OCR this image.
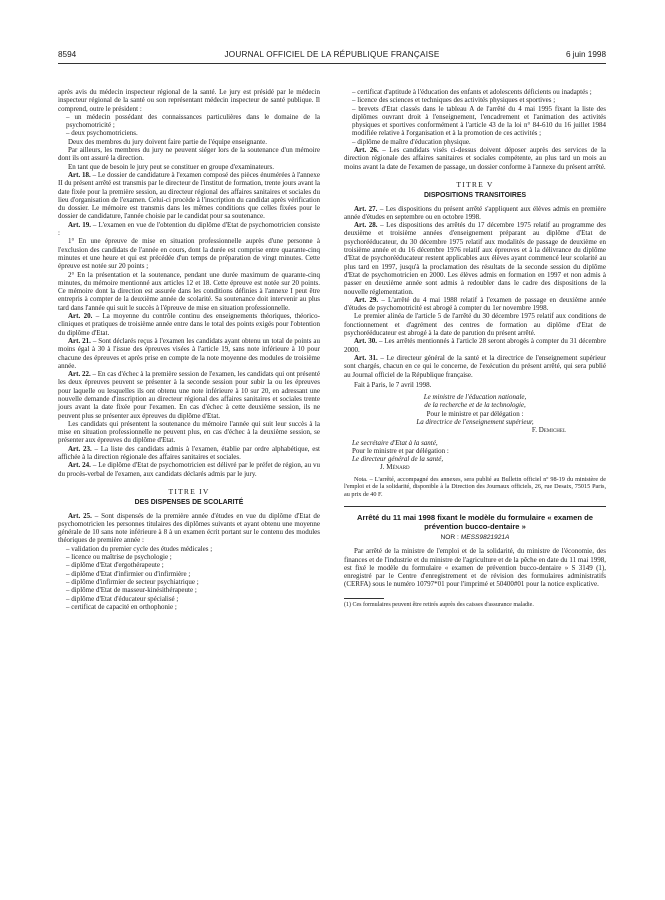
8594	JOURNAL OFFICIEL DE LA RÉPUBLIQUE FRANÇAISE	6 juin 1998

après avis du médecin inspecteur régional de la santé. Le jury est présidé par le médecin inspecteur régional de la santé ou son représentant médecin inspecteur de santé publique. Il comprend, outre le président :

– un médecin possédant des connaissances particulières dans le domaine de la psychomotricité ;

– deux psychomotriciens.

Deux des membres du jury doivent faire partie de l'équipe enseignante.

Par ailleurs, les membres du jury ne peuvent siéger lors de la soutenance d'un mémoire dont ils ont assuré la direction.

En tant que de besoin le jury peut se constituer en groupe d'examinateurs.

Art. 18. – Le dossier de candidature à l'examen composé des pièces énumérées à l'annexe II du présent arrêté est transmis par le directeur de l'institut de formation, trente jours avant la date fixée pour la première session, au directeur régional des affaires sanitaires et sociales du lieu d'organisation de l'examen. Celui-ci procède à l'inscription du candidat après vérification du dossier. Le mémoire est transmis dans les mêmes conditions que celles fixées pour le dossier de candidature, l'année choisie par le candidat pour sa soutenance.

Art. 19. – L'examen en vue de l'obtention du diplôme d'Etat de psychomotricien consiste :

1° En une épreuve de mise en situation professionnelle auprès d'une personne à l'exclusion des candidats de l'année en cours, dont la durée est comprise entre quarante-cinq minutes et une heure et qui est précédée d'un temps de préparation de vingt minutes. Cette épreuve est notée sur 20 points ;

2° En la présentation et la soutenance, pendant une durée maximum de quarante-cinq minutes, du mémoire mentionné aux articles 12 et 18. Cette épreuve est notée sur 20 points. Ce mémoire dont la direction est assurée dans les conditions définies à l'annexe I peut être entrepris à compter de la deuxième année de scolarité. Sa soutenance doit intervenir au plus tard dans l'année qui suit le succès à l'épreuve de mise en situation professionnelle.

Art. 20. – La moyenne du contrôle continu des enseignements théoriques, théorico-cliniques et pratiques de troisième année entre dans le total des points exigés pour l'obtention du diplôme d'Etat.

Art. 21. – Sont déclarés reçus à l'examen les candidats ayant obtenu un total de points au moins égal à 30 à l'issue des épreuves visées à l'article 19, sans note inférieure à 10 pour chacune des épreuves et après prise en compte de la note moyenne des modules de troisième année.

Art. 22. – En cas d'échec à la première session de l'examen, les candidats qui ont présenté les deux épreuves peuvent se présenter à la seconde session pour subir la ou les épreuves pour laquelle ou lesquelles ils ont obtenu une note inférieure à 10 sur 20, en adressant une nouvelle demande d'inscription au directeur régional des affaires sanitaires et sociales trente jours avant la date fixée pour l'examen. En cas d'échec à cette deuxième session, ils ne peuvent plus se présenter aux épreuves du diplôme d'Etat.

Les candidats qui présentent la soutenance du mémoire l'année qui suit leur succès à la mise en situation professionnelle ne peuvent plus, en cas d'échec à la deuxième session, se présenter aux épreuves du diplôme d'Etat.

Art. 23. – La liste des candidats admis à l'examen, établie par ordre alphabétique, est affichée à la direction régionale des affaires sanitaires et sociales.

Art. 24. – Le diplôme d'Etat de psychomotricien est délivré par le préfet de région, au vu du procès-verbal de l'examen, aux candidats déclarés admis par le jury.

TITRE IV
DES DISPENSES DE SCOLARITÉ

Art. 25. – Sont dispensés de la première année d'études en vue du diplôme d'Etat de psychomotricien les personnes titulaires des diplômes suivants et ayant obtenu une moyenne générale de 10 sans note inférieure à 8 à un examen écrit portant sur le contenu des modules théoriques de première année :

– validation du premier cycle des études médicales ;

– licence ou maîtrise de psychologie ;

– diplôme d'Etat d'ergothérapeute ;

– diplôme d'Etat d'infirmier ou d'infirmière ;

– diplôme d'infirmier de secteur psychiatrique ;

– diplôme d'Etat de masseur-kinésithérapeute ;

– diplôme d'Etat d'éducateur spécialisé ;

– certificat de capacité en orthophonie ;

– certificat d'aptitude à l'éducation des enfants et adolescents déficients ou inadaptés ;

– licence des sciences et techniques des activités physiques et sportives ;

– brevets d'Etat classés dans le tableau A de l'arrêté du 4 mai 1995 fixant la liste des diplômes ouvrant droit à l'enseignement, l'encadrement et l'animation des activités physiques et sportives conformément à l'article 43 de la loi n° 84-610 du 16 juillet 1984 modifiée relative à l'organisation et à la promotion de ces activités ;

– diplôme de maître d'éducation physique.

Art. 26. – Les candidats visés ci-dessus doivent déposer auprès des services de la direction régionale des affaires sanitaires et sociales compétente, au plus tard un mois au moins avant la date de l'examen de passage, un dossier conforme à l'annexe du présent arrêté.

TITRE V
DISPOSITIONS TRANSITOIRES

Art. 27. – Les dispositions du présent arrêté s'appliquent aux élèves admis en première année d'études en septembre ou en octobre 1998.

Art. 28. – Les dispositions des arrêtés du 17 décembre 1975 relatif au programme des deuxième et troisième années d'enseignement préparant au diplôme d'Etat de psychorééducateur, du 30 décembre 1975 relatif aux modalités de passage de deuxième en troisième année et du 16 décembre 1976 relatif aux épreuves et à la délivrance du diplôme d'Etat de psychorééducateur restent applicables aux élèves ayant commencé leur scolarité au plus tard en 1997, jusqu'à la proclamation des résultats de la seconde session du diplôme d'Etat de psychomotricien en 2000. Les élèves admis en formation en 1997 et non admis à passer en deuxième année sont admis à redoubler dans le cadre des dispositions de la nouvelle réglementation.

Art. 29. – L'arrêté du 4 mai 1988 relatif à l'examen de passage en deuxième année d'études de psychomotricité est abrogé à compter du 1er novembre 1998.

Le premier alinéa de l'article 5 de l'arrêté du 30 décembre 1975 relatif aux conditions de fonctionnement et d'agrément des centres de formation au diplôme d'Etat de psychorééducateur est abrogé à la date de parution du présent arrêté.

Art. 30. – Les arrêtés mentionnés à l'article 28 seront abrogés à compter du 31 décembre 2000.

Art. 31. – Le directeur général de la santé et la directrice de l'enseignement supérieur sont chargés, chacun en ce qui le concerne, de l'exécution du présent arrêté, qui sera publié au Journal officiel de la République française.

Fait à Paris, le 7 avril 1998.

Le ministre de l'éducation nationale,
de la recherche et de la technologie,
Pour le ministre et par délégation :
La directrice de l'enseignement supérieur,
F. Demichel
Le secrétaire d'Etat à la santé,
Pour le ministre et par délégation :
Le directeur général de la santé,
J. Ménard

Nota. – L'arrêté, accompagné des annexes, sera publié au Bulletin officiel nº 98-19 du ministère de l'emploi et de la solidarité, disponible à la Direction des Journaux officiels, 26, rue Desaix, 75015 Paris, au prix de 40 F.

Arrêté du 11 mai 1998 fixant le modèle du formulaire « examen de prévention bucco-dentaire »
NOR : MESS9821921A

Par arrêté de la ministre de l'emploi et de la solidarité, du ministre de l'économie, des finances et de l'industrie et du ministre de l'agriculture et de la pêche en date du 11 mai 1998, est fixé le modèle du formulaire « examen de prévention bucco-dentaire » S 3149 (1), enregistré par le Centre d'enregistrement et de révision des formulaires administratifs (CERFA) sous le numéro 10797*01 pour l'imprimé et 50400#01 pour la notice explicative.

(1) Ces formulaires peuvent être retirés auprès des caisses d'assurance maladie.
